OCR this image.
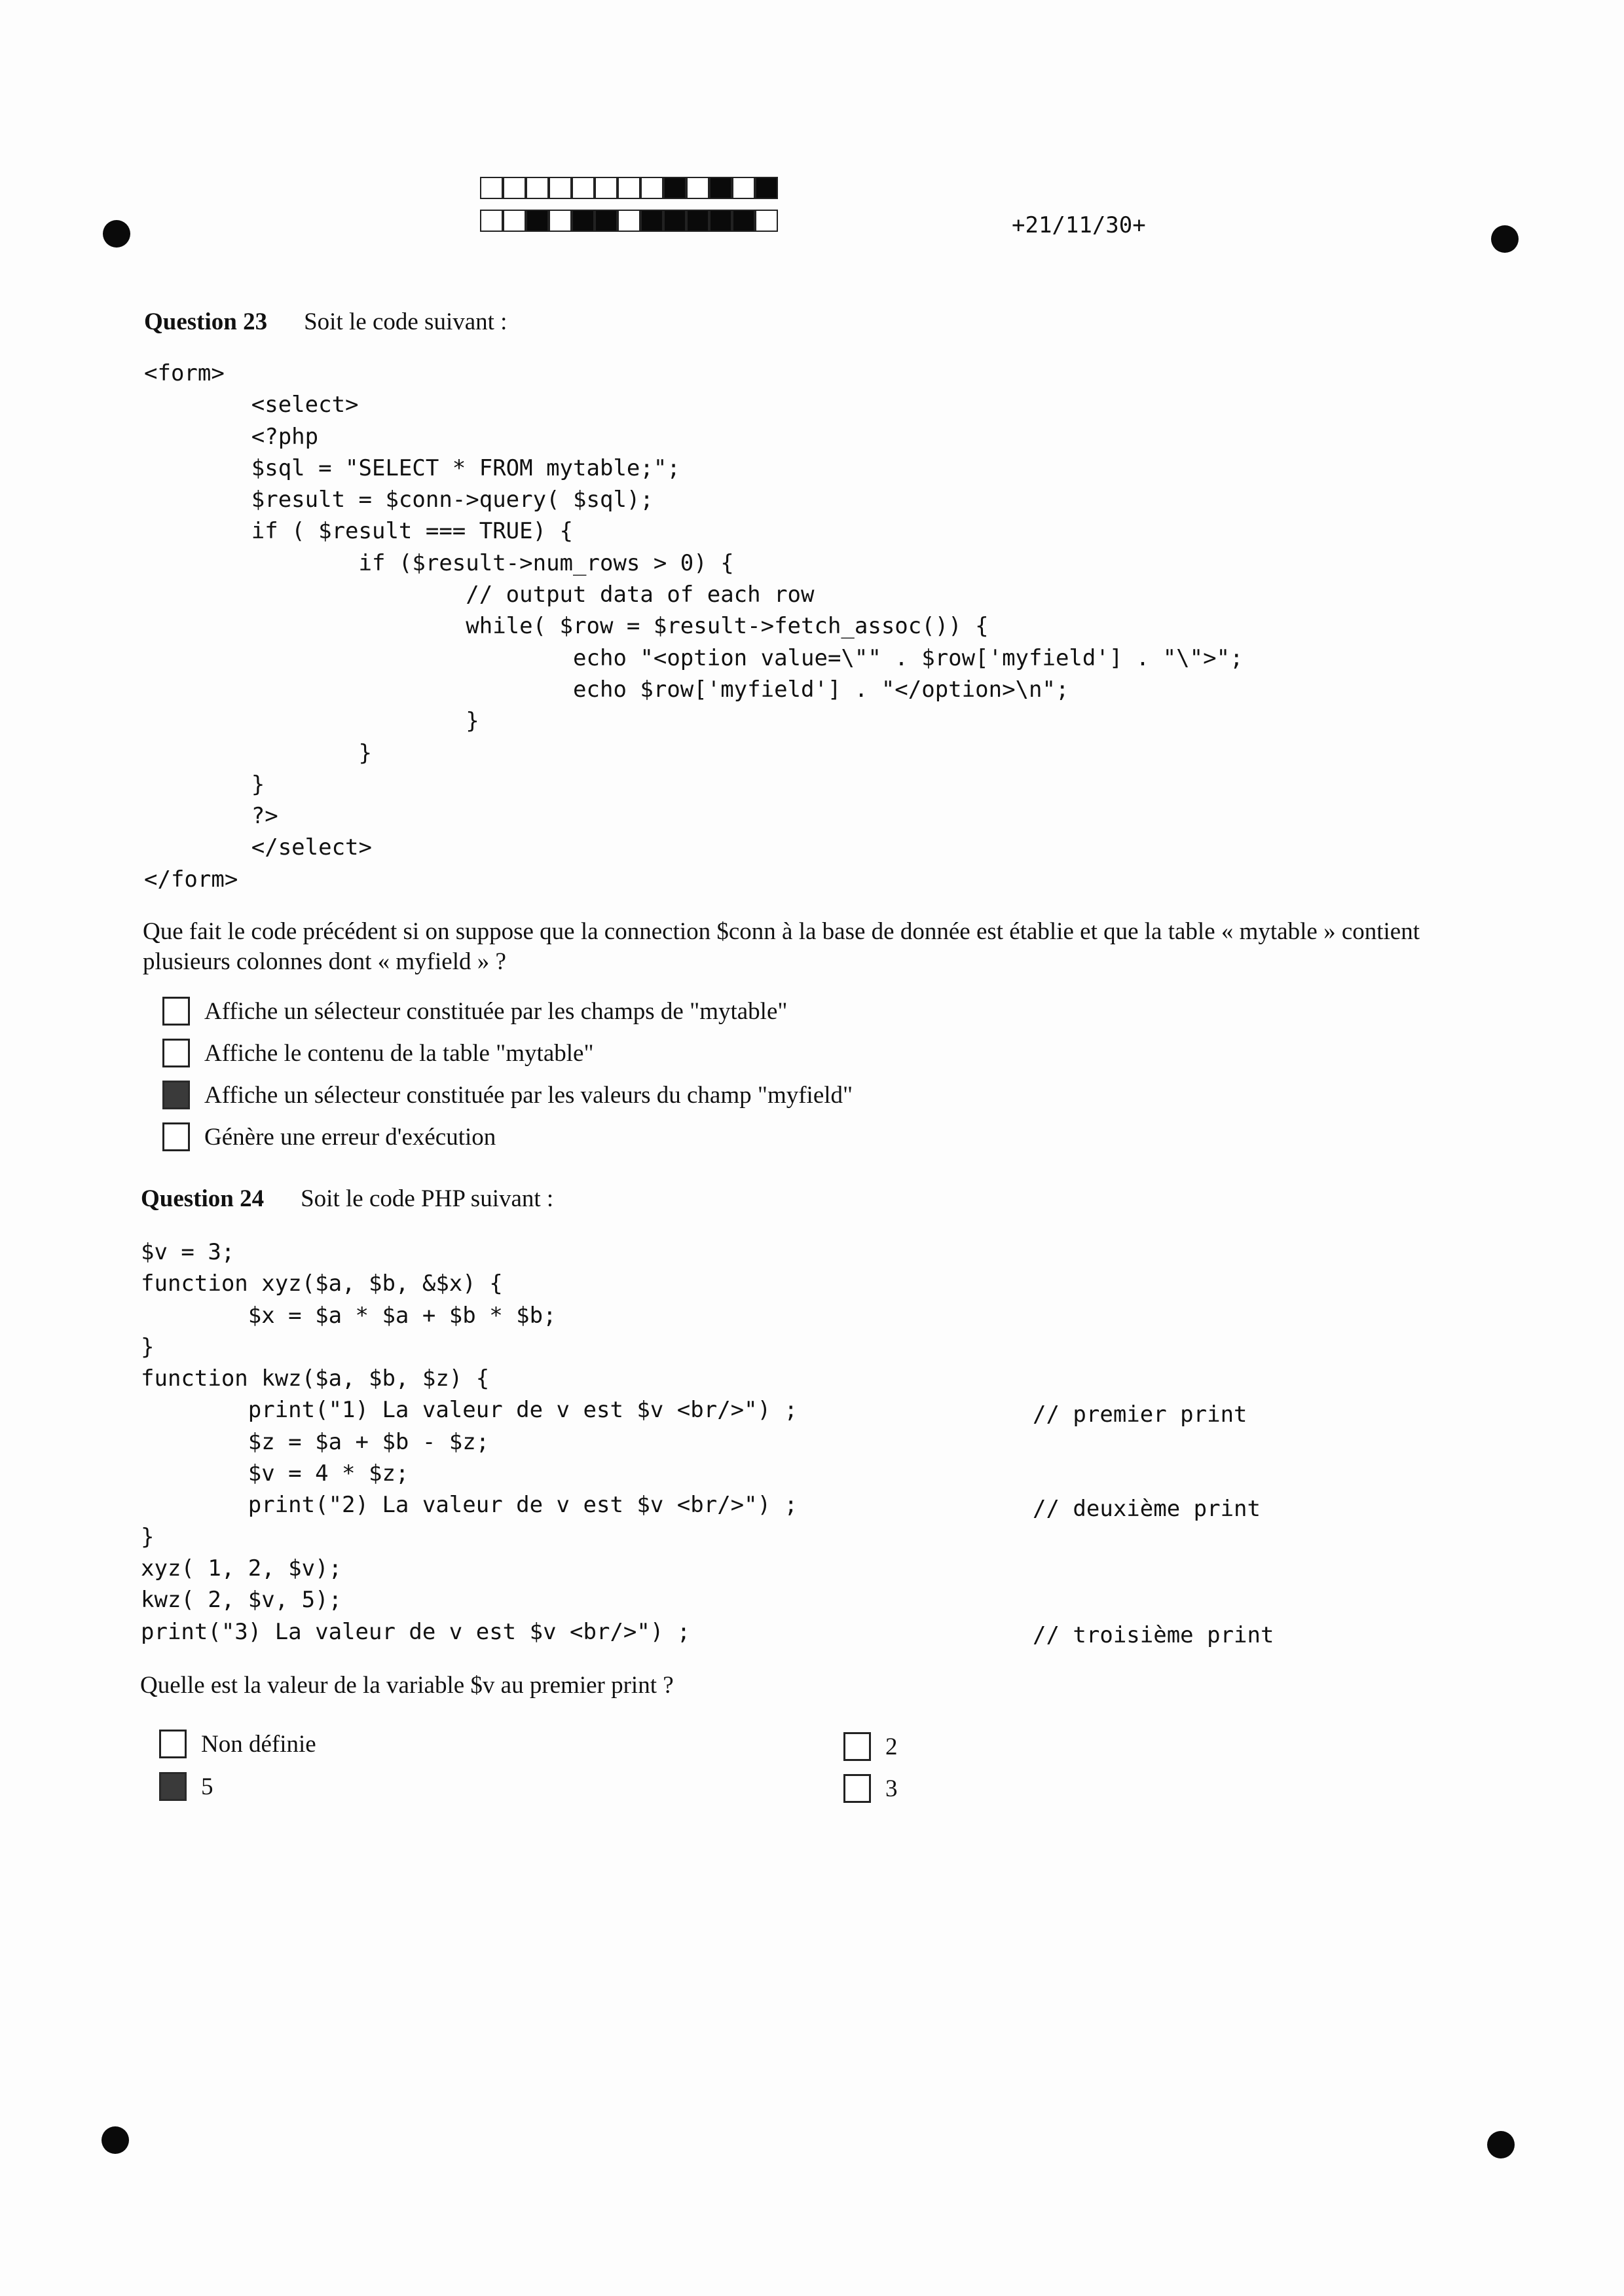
+21/11/30+
Question 23 Soit le code suivant :
<form>
<select>
<?php
$sql = "SELECT * FROM mytable;";
$result = $conn->query( $sql);
if ( $result === TRUE) {
if ($result->num_rows > 0) {
// output data of each row
while( $row = $result->fetch_assoc()) {
echo "<option value=\"" . $row['myfield'] . "\">";
echo $row['myfield'] . "</option>\n";
}
}
}
?>
</select>
</form>
Que fait le code précédent si on suppose que la connection $conn à la base de donnée est établie et que la table « mytable » contient plusieurs colonnes dont « myfield » ?
Affiche un sélecteur constituée par les champs de "mytable"
Affiche le contenu de la table "mytable"
Affiche un sélecteur constituée par les valeurs du champ "myfield"
Génère une erreur d'exécution
Question 24 Soit le code PHP suivant :
$v = 3;
function xyz($a, $b, &$x) {
$x = $a * $a + $b * $b;
}
function kwz($a, $b, $z) {
print("1) La valeur de v est $v <br/>") ;
$z = $a + $b - $z;
$v = 4 * $z;
print("2) La valeur de v est $v <br/>") ;
}
xyz( 1, 2, $v);
kwz( 2, $v, 5);
print("3) La valeur de v est $v <br/>") ;
// premier print
// deuxième print
// troisième print
Quelle est la valeur de la variable $v au premier print ?
Non définie
5
2
3
